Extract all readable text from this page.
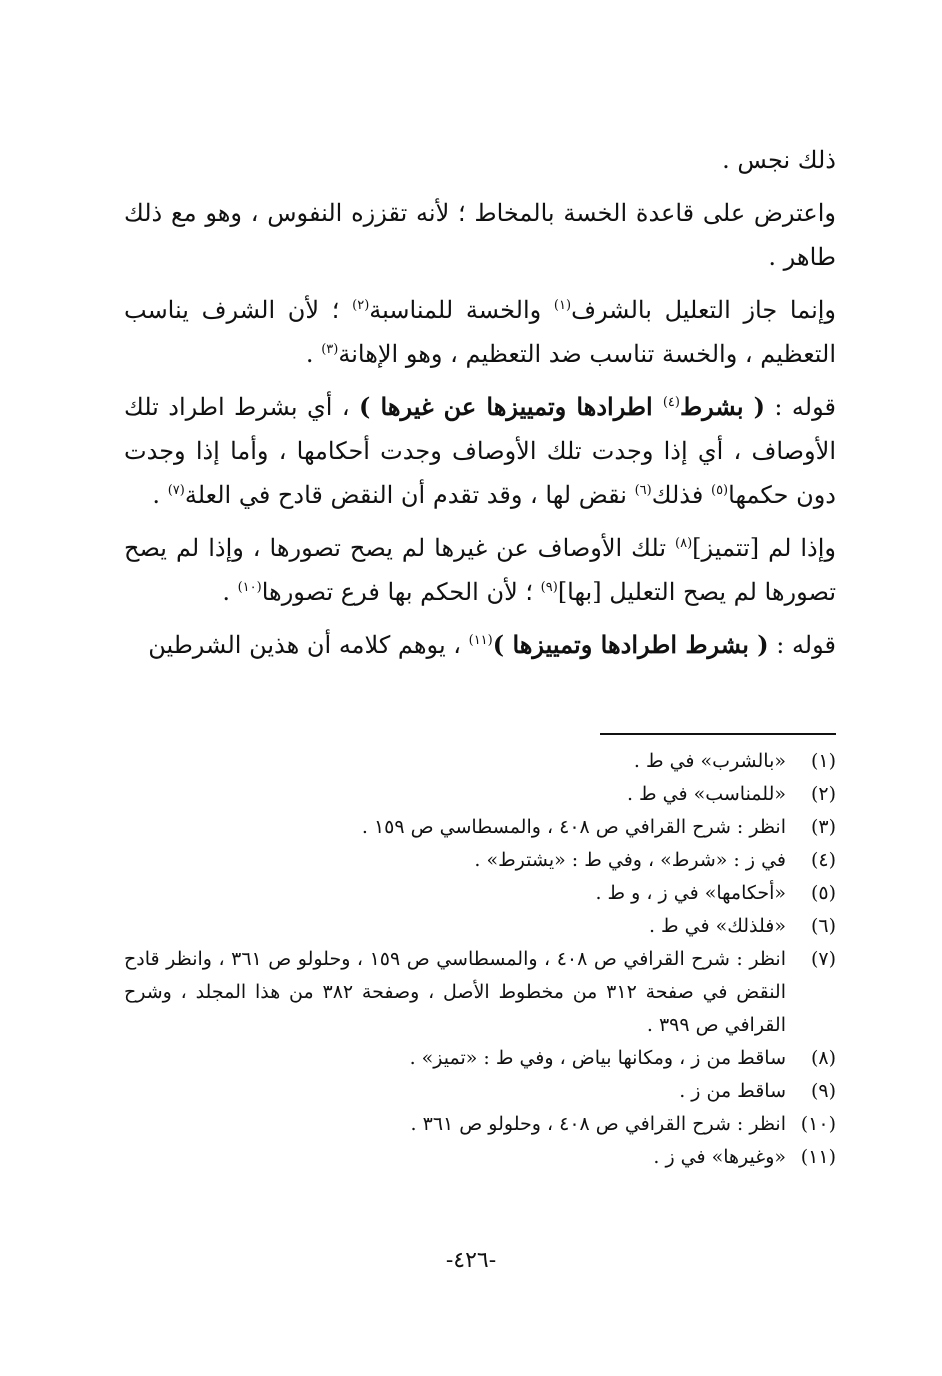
ذلك نجس .

واعترض على قاعدة الخسة بالمخاط ؛ لأنه تقززه النفوس ، وهو مع ذلك طاهر .

وإنما جاز التعليل بالشرف$^{(١)}$ والخسة للمناسبة$^{(٢)}$ ؛ لأن الشرف يناسب التعظيم ، والخسة تناسب ضد التعظيم ، وهو الإهانة$^{(٣)}$ .

قوله : ( بشرط$^{(٤)}$ اطرادها وتمييزها عن غيرها ) ، أي بشرط اطراد تلك الأوصاف ، أي إذا وجدت تلك الأوصاف وجدت أحكامها ، وأما إذا وجدت دون حكمها$^{(٥)}$ فذلك$^{(٦)}$ نقض لها ، وقد تقدم أن النقض قادح في العلة$^{(٧)}$ .

وإذا لم [تتميز]$^{(٨)}$ تلك الأوصاف عن غيرها لم يصح تصورها ، وإذا لم يصح تصورها لم يصح التعليل [بها]$^{(٩)}$ ؛ لأن الحكم بها فرع تصورها$^{(١٠)}$ .

قوله : ( بشرط اطرادها وتمييزها )$^{(١١)}$ ، يوهم كلامه أن هذين الشرطين

(١)«بالشرب» في ط .

(٢)«للمناسب» في ط .

(٣)انظر : شرح القرافي ص ٤٠٨ ، والمسطاسي ص ١٥٩ .

(٤)في ز : «شرط» ، وفي ط : «يشترط» .

(٥)«أحكامها» في ز ، و ط .

(٦)«فلذلك» في ط .

(٧)انظر : شرح القرافي ص ٤٠٨ ، والمسطاسي ص ١٥٩ ، وحلولو ص ٣٦١ ، وانظر قادح النقض في صفحة ٣١٢ من مخطوط الأصل ، وصفحة ٣٨٢ من هذا المجلد ، وشرح القرافي ص ٣٩٩ .

(٨)ساقط من ز ، ومكانها بياض ، وفي ط : «تميز» .

(٩)ساقط من ز .

(١٠)انظر : شرح القرافي ص ٤٠٨ ، وحلولو ص ٣٦١ .

(١١)«وغيرها» في ز .

-٤٢٦-
